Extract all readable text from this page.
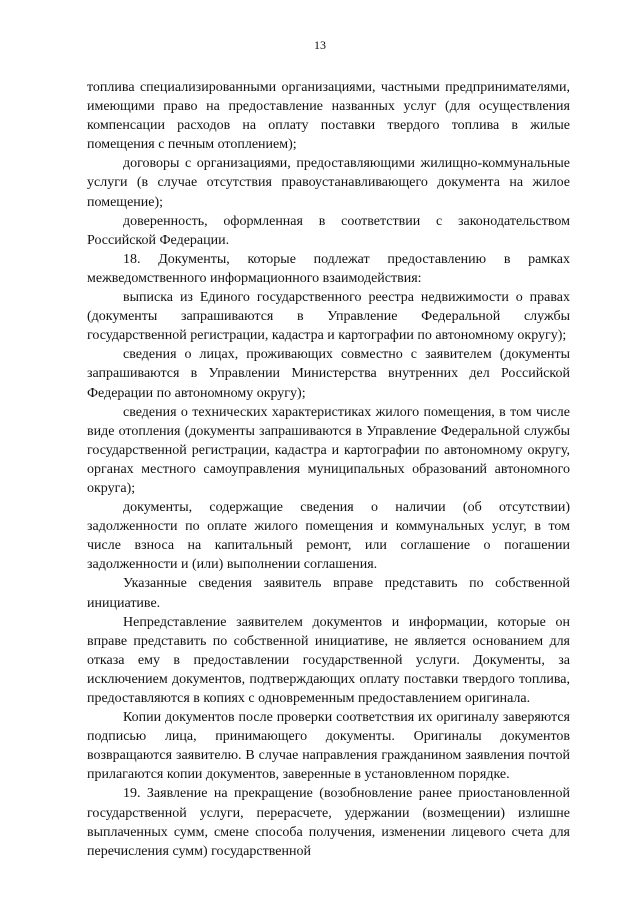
13

топлива специализированными организациями, частными предпринимателями, имеющими право на предоставление названных услуг (для осуществления компенсации расходов на оплату поставки твердого топлива в жилые помещения с печным отоплением);

договоры с организациями, предоставляющими жилищно-коммунальные услуги (в случае отсутствия правоустанавливающего документа на жилое помещение);

доверенность, оформленная в соответствии с законодательством Российской Федерации.

18. Документы, которые подлежат предоставлению в рамках межведомственного информационного взаимодействия:

выписка из Единого государственного реестра недвижимости о правах (документы запрашиваются в Управление Федеральной службы государственной регистрации, кадастра и картографии по автономному округу);

сведения о лицах, проживающих совместно с заявителем (документы запрашиваются в Управлении Министерства внутренних дел Российской Федерации по автономному округу);

сведения о технических характеристиках жилого помещения, в том числе виде отопления (документы запрашиваются в Управление Федеральной службы государственной регистрации, кадастра и картографии по автономному округу, органах местного самоуправления муниципальных образований автономного округа);

документы, содержащие сведения о наличии (об отсутствии) задолженности по оплате жилого помещения и коммунальных услуг, в том числе взноса на капитальный ремонт, или соглашение о погашении задолженности и (или) выполнении соглашения.

Указанные сведения заявитель вправе представить по собственной инициативе.

Непредставление заявителем документов и информации, которые он вправе представить по собственной инициативе, не является основанием для отказа ему в предоставлении государственной услуги. Документы, за исключением документов, подтверждающих оплату поставки твердого топлива, предоставляются в копиях с одновременным предоставлением оригинала.

Копии документов после проверки соответствия их оригиналу заверяются подписью лица, принимающего документы. Оригиналы документов возвращаются заявителю. В случае направления гражданином заявления почтой прилагаются копии документов, заверенные в установленном порядке.

19. Заявление на прекращение (возобновление ранее приостановленной государственной услуги, перерасчете, удержании (возмещении) излишне выплаченных сумм, смене способа получения, изменении лицевого счета для перечисления сумм) государственной
